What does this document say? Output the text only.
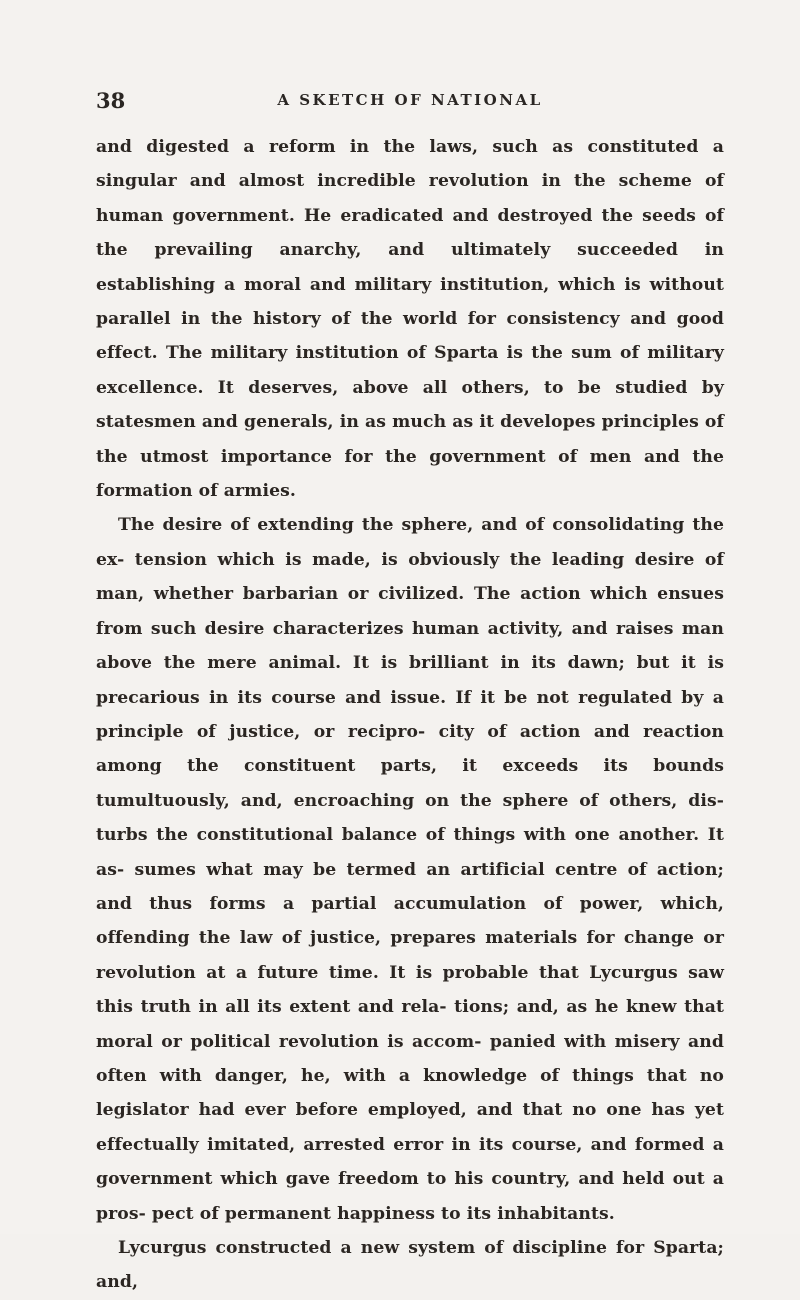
38	A SKETCH OF NATIONAL

and digested a reform in the laws, such as constituted a singular and almost incredible revolution in the scheme of human government. He eradicated and destroyed the seeds of the prevailing anarchy, and ultimately succeeded in establishing a moral and military institution, which is without parallel in the history of the world for consistency and good effect. The military institution of Sparta is the sum of military excellence. It deserves, above all others, to be studied by statesmen and generals, in as much as it developes principles of the utmost importance for the government of men and the formation of armies.

The desire of extending the sphere, and of consolidating the ex- tension which is made, is obviously the leading desire of man, whether barbarian or civilized. The action which ensues from such desire characterizes human activity, and raises man above the mere animal. It is brilliant in its dawn; but it is precarious in its course and issue. If it be not regulated by a principle of justice, or recipro- city of action and reaction among the constituent parts, it exceeds its bounds tumultuously, and, encroaching on the sphere of others, dis- turbs the constitutional balance of things with one another. It as- sumes what may be termed an artificial centre of action; and thus forms a partial accumulation of power, which, offending the law of justice, prepares materials for change or revolution at a future time. It is probable that Lycurgus saw this truth in all its extent and rela- tions; and, as he knew that moral or political revolution is accom- panied with misery and often with danger, he, with a knowledge of things that no legislator had ever before employed, and that no one has yet effectually imitated, arrested error in its course, and formed a government which gave freedom to his country, and held out a pros- pect of permanent happiness to its inhabitants.

Lycurgus constructed a new system of discipline for Sparta; and,
